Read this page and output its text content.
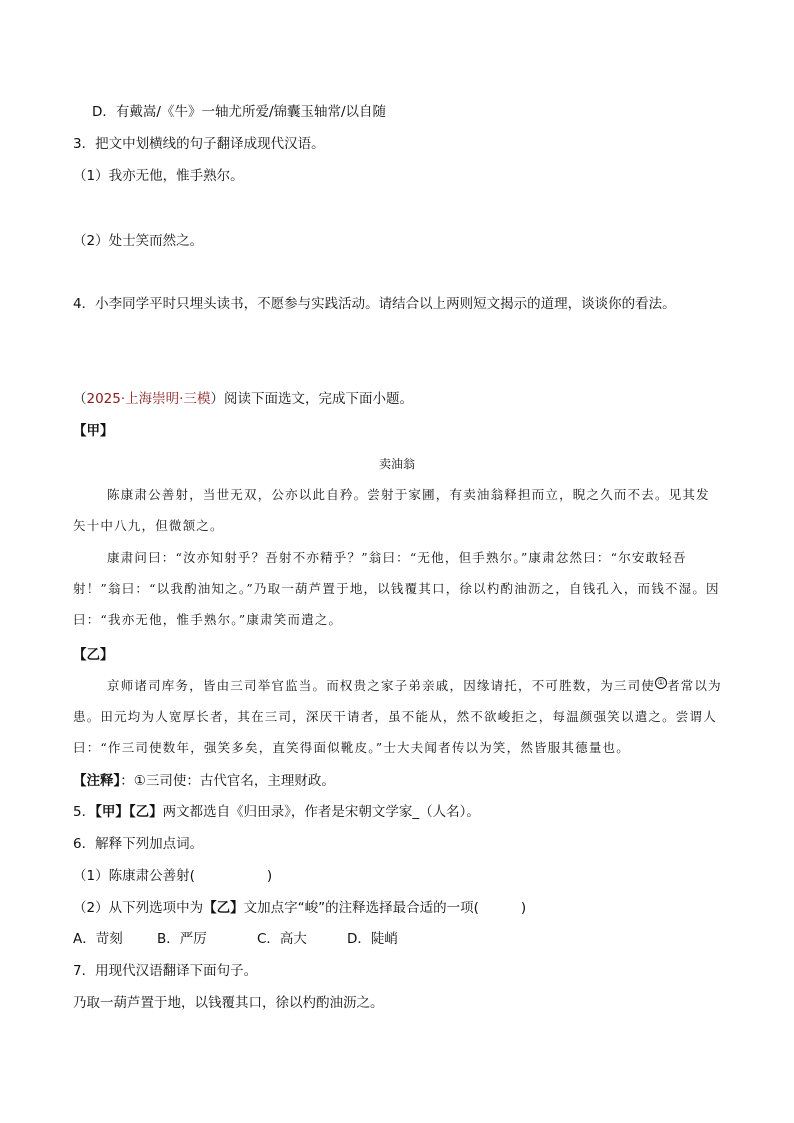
D．有戴嵩/《牛》一轴尤所爱/锦囊玉轴常/以自随
3．把文中划横线的句子翻译成现代汉语。
（1）我亦无他，惟手熟尔。
（2）处士笑而然之。
4．小李同学平时只埋头读书，不愿参与实践活动。请结合以上两则短文揭示的道理，谈谈你的看法。
（2025·上海崇明·三模）阅读下面选文，完成下面小题。
【甲】
卖油翁
陈康肃公善射，当世无双，公亦以此自矜。尝射于家圃，有卖油翁释担而立，睨之久而不去。见其发矢十中八九，但微颔之。
康肃问曰：“汝亦知射乎？吾射不亦精乎？”翁曰：“无他，但手熟尔。”康肃忿然曰：“尔安敢轻吾射！”翁曰：“以我酌油知之。”乃取一葫芦置于地，以钱覆其口，徐以杓酌油沥之，自钱孔入，而钱不湿。因曰：“我亦无他，惟手熟尔。”康肃笑而遣之。
【乙】
京师诸司库务，皆由三司举官监当。而权贵之家子弟亲戚，因缘请托，不可胜数，为三司使 ① 者常以为患。田元均为人宽厚长者，其在三司，深厌干请者，虽不能从，然不欲峻拒之，每温颜强笑以遣之。尝谓人曰：“作三司使数年，强笑多矣，直笑得面似靴皮。”士大夫闻者传以为笑，然皆服其德量也。
【注释】：①三司使：古代官名，主理财政。
5．【甲】【乙】两文都选自《归田录》，作者是宋朝文学家_（人名）。
6．解释下列加点词。
（1）陈康肃公善射(	)
（2）从下列选项中为【乙】文加点字“峻”的注释选择最合适的一项(	)
A．苛刻	B．严厉	C．高大	D．陡峭
7．用现代汉语翻译下面句子。
乃取一葫芦置于地，以钱覆其口，徐以杓酌油沥之。
